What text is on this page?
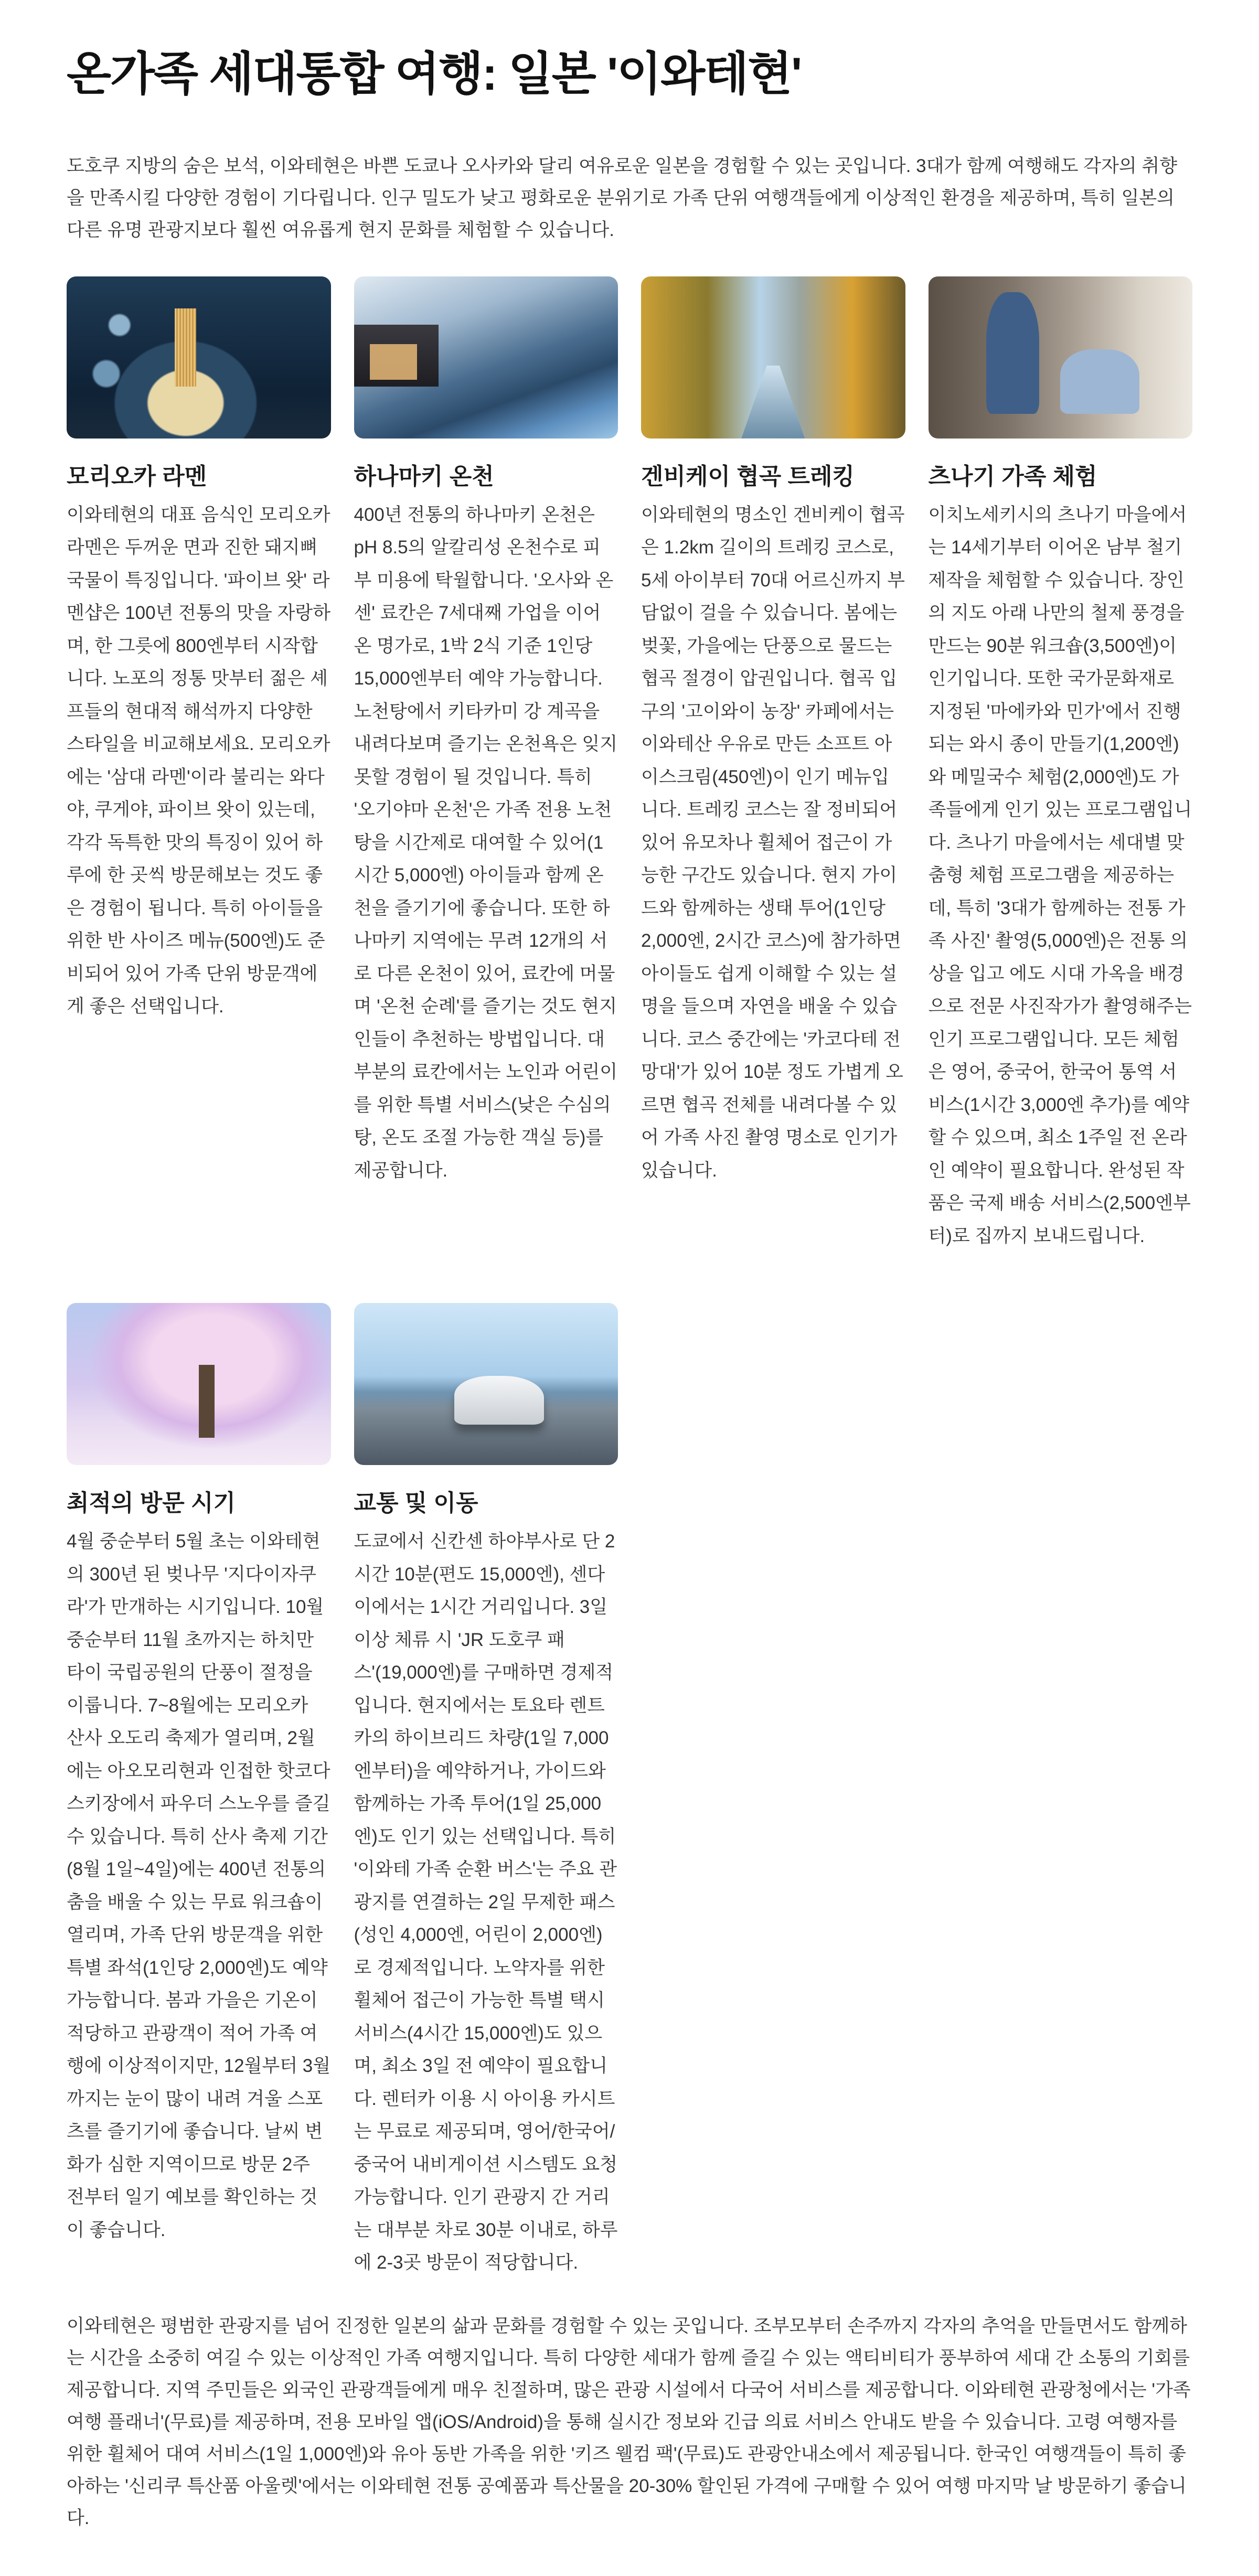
온가족 세대통합 여행: 일본 '이와테현'

도호쿠 지방의 숨은 보석, 이와테현은 바쁜 도쿄나 오사카와 달리 여유로운 일본을 경험할 수 있는 곳입니다. 3대가 함께 여행해도 각자의 취향을 만족시킬 다양한 경험이 기다립니다. 인구 밀도가 낮고 평화로운 분위기로 가족 단위 여행객들에게 이상적인 환경을 제공하며, 특히 일본의 다른 유명 관광지보다 훨씬 여유롭게 현지 문화를 체험할 수 있습니다.

모리오카 라멘

이와테현의 대표 음식인 모리오카 라멘은 두꺼운 면과 진한 돼지뼈 국물이 특징입니다. '파이브 왓' 라멘샵은 100년 전통의 맛을 자랑하며, 한 그릇에 800엔부터 시작합니다. 노포의 정통 맛부터 젊은 셰프들의 현대적 해석까지 다양한 스타일을 비교해보세요. 모리오카에는 '삼대 라멘'이라 불리는 와다야, 쿠게야, 파이브 왓이 있는데, 각각 독특한 맛의 특징이 있어 하루에 한 곳씩 방문해보는 것도 좋은 경험이 됩니다. 특히 아이들을 위한 반 사이즈 메뉴(500엔)도 준비되어 있어 가족 단위 방문객에게 좋은 선택입니다.

하나마키 온천

400년 전통의 하나마키 온천은 pH 8.5의 알칼리성 온천수로 피부 미용에 탁월합니다. '오사와 온센' 료칸은 7세대째 가업을 이어온 명가로, 1박 2식 기준 1인당 15,000엔부터 예약 가능합니다. 노천탕에서 키타카미 강 계곡을 내려다보며 즐기는 온천욕은 잊지 못할 경험이 될 것입니다. 특히 '오기야마 온천'은 가족 전용 노천탕을 시간제로 대여할 수 있어(1시간 5,000엔) 아이들과 함께 온천을 즐기기에 좋습니다. 또한 하나마키 지역에는 무려 12개의 서로 다른 온천이 있어, 료칸에 머물며 '온천 순례'를 즐기는 것도 현지인들이 추천하는 방법입니다. 대부분의 료칸에서는 노인과 어린이를 위한 특별 서비스(낮은 수심의 탕, 온도 조절 가능한 객실 등)를 제공합니다.

겐비케이 협곡 트레킹

이와테현의 명소인 겐비케이 협곡은 1.2km 길이의 트레킹 코스로, 5세 아이부터 70대 어르신까지 부담없이 걸을 수 있습니다. 봄에는 벚꽃, 가을에는 단풍으로 물드는 협곡 절경이 압권입니다. 협곡 입구의 '고이와이 농장' 카페에서는 이와테산 우유로 만든 소프트 아이스크림(450엔)이 인기 메뉴입니다. 트레킹 코스는 잘 정비되어 있어 유모차나 휠체어 접근이 가능한 구간도 있습니다. 현지 가이드와 함께하는 생태 투어(1인당 2,000엔, 2시간 코스)에 참가하면 아이들도 쉽게 이해할 수 있는 설명을 들으며 자연을 배울 수 있습니다. 코스 중간에는 '카코다테 전망대'가 있어 10분 정도 가볍게 오르면 협곡 전체를 내려다볼 수 있어 가족 사진 촬영 명소로 인기가 있습니다.

츠나기 가족 체험

이치노세키시의 츠나기 마을에서는 14세기부터 이어온 남부 철기 제작을 체험할 수 있습니다. 장인의 지도 아래 나만의 철제 풍경을 만드는 90분 워크숍(3,500엔)이 인기입니다. 또한 국가문화재로 지정된 '마에카와 민가'에서 진행되는 와시 종이 만들기(1,200엔)와 메밀국수 체험(2,000엔)도 가족들에게 인기 있는 프로그램입니다. 츠나기 마을에서는 세대별 맞춤형 체험 프로그램을 제공하는데, 특히 '3대가 함께하는 전통 가족 사진' 촬영(5,000엔)은 전통 의상을 입고 에도 시대 가옥을 배경으로 전문 사진작가가 촬영해주는 인기 프로그램입니다. 모든 체험은 영어, 중국어, 한국어 통역 서비스(1시간 3,000엔 추가)를 예약할 수 있으며, 최소 1주일 전 온라인 예약이 필요합니다. 완성된 작품은 국제 배송 서비스(2,500엔부터)로 집까지 보내드립니다.

최적의 방문 시기

4월 중순부터 5월 초는 이와테현의 300년 된 벚나무 '지다이자쿠라'가 만개하는 시기입니다. 10월 중순부터 11월 초까지는 하치만타이 국립공원의 단풍이 절정을 이룹니다. 7~8월에는 모리오카 산사 오도리 축제가 열리며, 2월에는 아오모리현과 인접한 핫코다 스키장에서 파우더 스노우를 즐길 수 있습니다. 특히 산사 축제 기간(8월 1일~4일)에는 400년 전통의 춤을 배울 수 있는 무료 워크숍이 열리며, 가족 단위 방문객을 위한 특별 좌석(1인당 2,000엔)도 예약 가능합니다. 봄과 가을은 기온이 적당하고 관광객이 적어 가족 여행에 이상적이지만, 12월부터 3월까지는 눈이 많이 내려 겨울 스포츠를 즐기기에 좋습니다. 날씨 변화가 심한 지역이므로 방문 2주 전부터 일기 예보를 확인하는 것이 좋습니다.

교통 및 이동

도쿄에서 신칸센 하야부사로 단 2시간 10분(편도 15,000엔), 센다이에서는 1시간 거리입니다. 3일 이상 체류 시 'JR 도호쿠 패스'(19,000엔)를 구매하면 경제적입니다. 현지에서는 토요타 렌트카의 하이브리드 차량(1일 7,000엔부터)을 예약하거나, 가이드와 함께하는 가족 투어(1일 25,000엔)도 인기 있는 선택입니다. 특히 '이와테 가족 순환 버스'는 주요 관광지를 연결하는 2일 무제한 패스(성인 4,000엔, 어린이 2,000엔)로 경제적입니다. 노약자를 위한 휠체어 접근이 가능한 특별 택시 서비스(4시간 15,000엔)도 있으며, 최소 3일 전 예약이 필요합니다. 렌터카 이용 시 아이용 카시트는 무료로 제공되며, 영어/한국어/중국어 내비게이션 시스템도 요청 가능합니다. 인기 관광지 간 거리는 대부분 차로 30분 이내로, 하루에 2-3곳 방문이 적당합니다.

이와테현은 평범한 관광지를 넘어 진정한 일본의 삶과 문화를 경험할 수 있는 곳입니다. 조부모부터 손주까지 각자의 추억을 만들면서도 함께하는 시간을 소중히 여길 수 있는 이상적인 가족 여행지입니다. 특히 다양한 세대가 함께 즐길 수 있는 액티비티가 풍부하여 세대 간 소통의 기회를 제공합니다. 지역 주민들은 외국인 관광객들에게 매우 친절하며, 많은 관광 시설에서 다국어 서비스를 제공합니다. 이와테현 관광청에서는 '가족 여행 플래너'(무료)를 제공하며, 전용 모바일 앱(iOS/Android)을 통해 실시간 정보와 긴급 의료 서비스 안내도 받을 수 있습니다. 고령 여행자를 위한 휠체어 대여 서비스(1일 1,000엔)와 유아 동반 가족을 위한 '키즈 웰컴 팩'(무료)도 관광안내소에서 제공됩니다. 한국인 여행객들이 특히 좋아하는 '신리쿠 특산품 아울렛'에서는 이와테현 전통 공예품과 특산물을 20-30% 할인된 가격에 구매할 수 있어 여행 마지막 날 방문하기 좋습니다.
